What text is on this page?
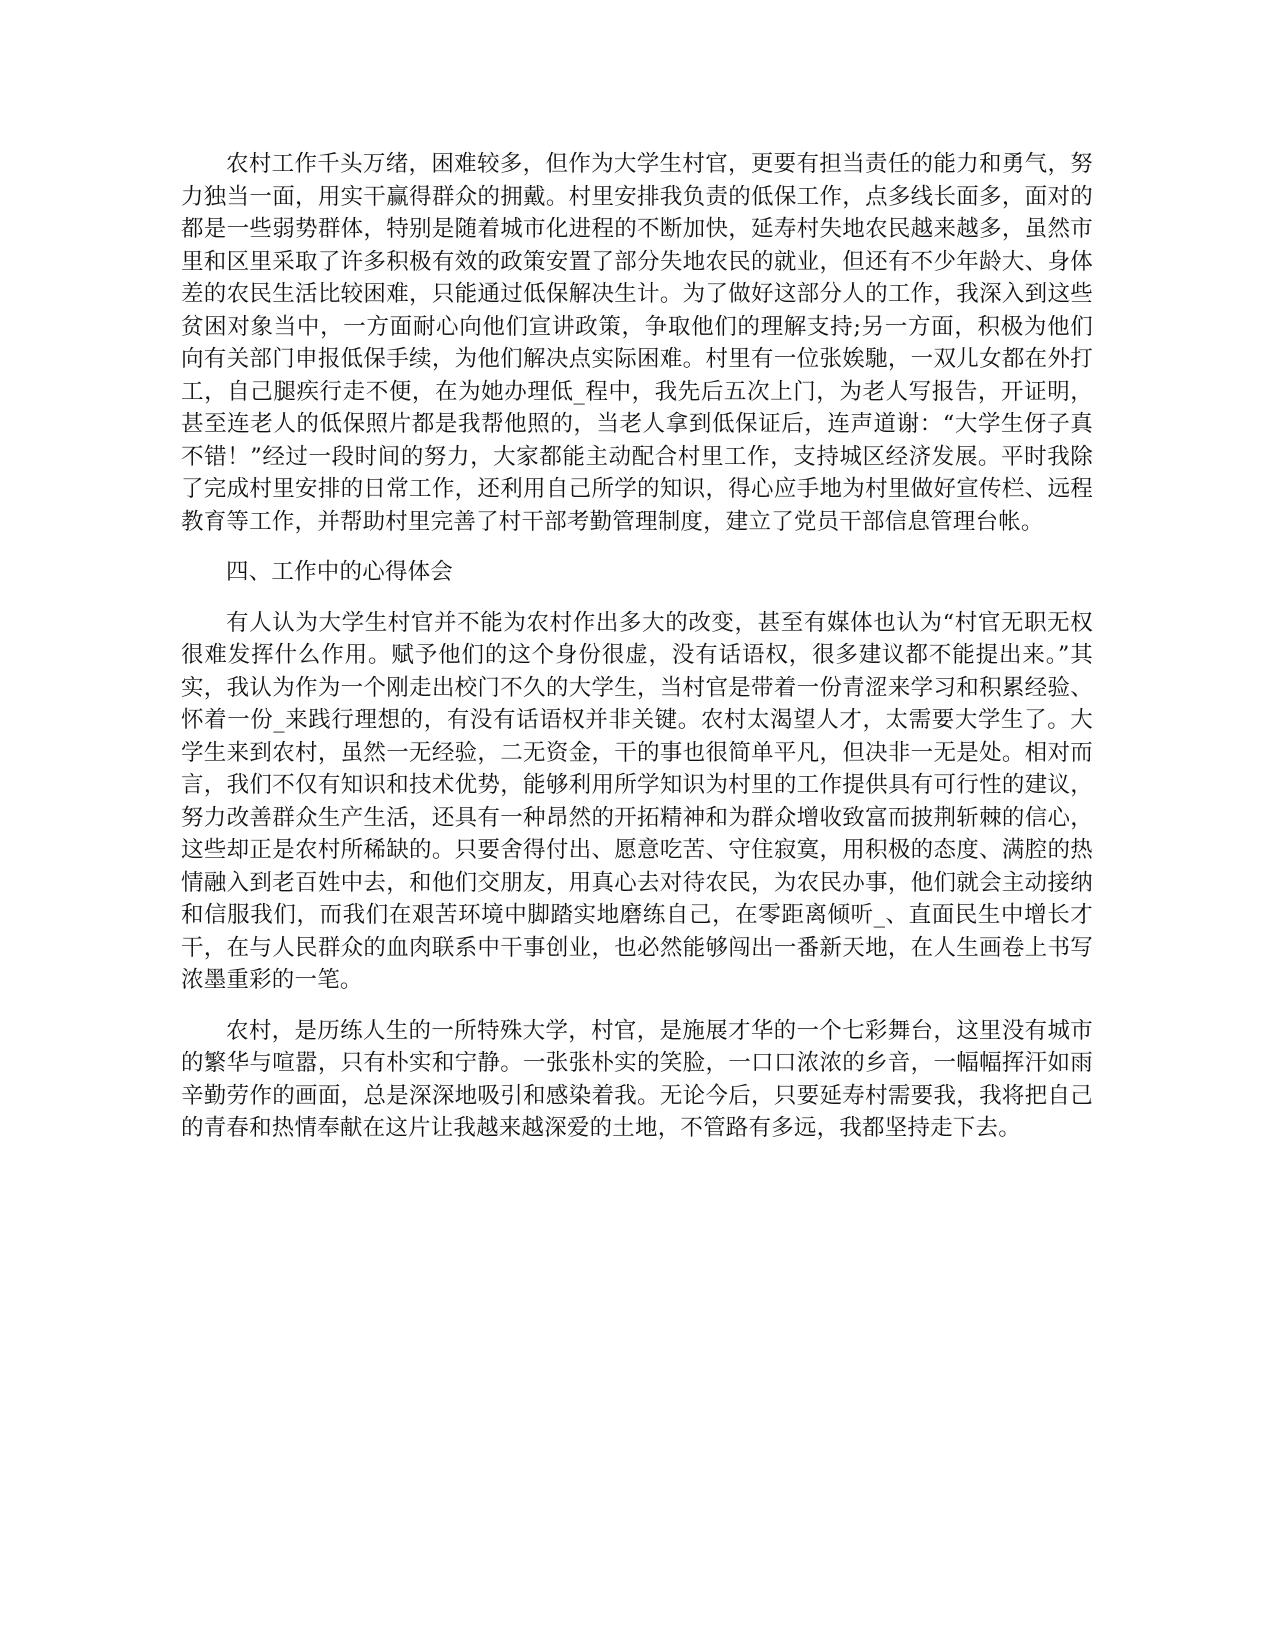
农村工作千头万绪，困难较多，但作为大学生村官，更要有担当责任的能力和勇气，努力独当一面，用实干赢得群众的拥戴。村里安排我负责的低保工作，点多线长面多，面对的都是一些弱势群体，特别是随着城市化进程的不断加快，延寿村失地农民越来越多，虽然市里和区里采取了许多积极有效的政策安置了部分失地农民的就业，但还有不少年龄大、身体差的农民生活比较困难，只能通过低保解决生计。为了做好这部分人的工作，我深入到这些贫困对象当中，一方面耐心向他们宣讲政策，争取他们的理解支持;另一方面，积极为他们向有关部门申报低保手续，为他们解决点实际困难。村里有一位张娭馳，一双儿女都在外打工，自己腿疾行走不便，在为她办理低_程中，我先后五次上门，为老人写报告，开证明，甚至连老人的低保照片都是我帮他照的，当老人拿到低保证后，连声道谢：“大学生伢子真不错！”经过一段时间的努力，大家都能主动配合村里工作，支持城区经济发展。平时我除了完成村里安排的日常工作，还利用自己所学的知识，得心应手地为村里做好宣传栏、远程教育等工作，并帮助村里完善了村干部考勤管理制度，建立了党员干部信息管理台帐。

四、工作中的心得体会

有人认为大学生村官并不能为农村作出多大的改变，甚至有媒体也认为“村官无职无权很难发挥什么作用。赋予他们的这个身份很虚，没有话语权，很多建议都不能提出来。”其实，我认为作为一个刚走出校门不久的大学生，当村官是带着一份青涩来学习和积累经验、怀着一份_来践行理想的，有没有话语权并非关键。农村太渴望人才，太需要大学生了。大学生来到农村，虽然一无经验，二无资金，干的事也很简单平凡，但决非一无是处。相对而言，我们不仅有知识和技术优势，能够利用所学知识为村里的工作提供具有可行性的建议，努力改善群众生产生活，还具有一种昂然的开拓精神和为群众增收致富而披荆斩棘的信心，这些却正是农村所稀缺的。只要舍得付出、愿意吃苦、守住寂寞，用积极的态度、满腔的热情融入到老百姓中去，和他们交朋友，用真心去对待农民，为农民办事，他们就会主动接纳和信服我们，而我们在艰苦环境中脚踏实地磨练自己，在零距离倾听_、直面民生中增长才干，在与人民群众的血肉联系中干事创业，也必然能够闯出一番新天地，在人生画卷上书写浓墨重彩的一笔。

农村，是历练人生的一所特殊大学，村官，是施展才华的一个七彩舞台，这里没有城市的繁华与喧嚣，只有朴实和宁静。一张张朴实的笑脸，一口口浓浓的乡音，一幅幅挥汗如雨辛勤劳作的画面，总是深深地吸引和感染着我。无论今后，只要延寿村需要我，我将把自己的青春和热情奉献在这片让我越来越深爱的土地，不管路有多远，我都坚持走下去。
